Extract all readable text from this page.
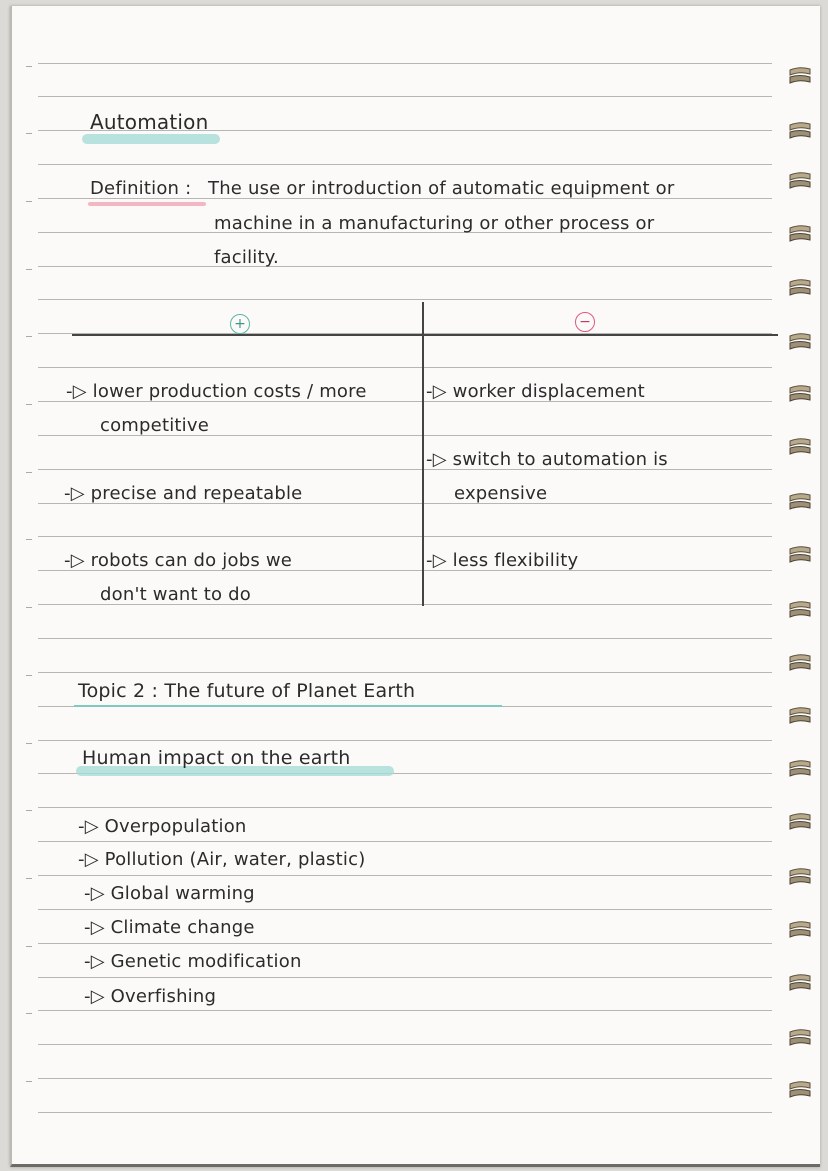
Automation
Definition : The use or introduction of automatic equipment or
machine in a manufacturing or other process or
facility.
+	−
-▷ lower production costs / more
competitive
-▷ precise and repeatable
-▷ robots can do jobs we
don't want to do
-▷ worker displacement
-▷ switch to automation is
expensive
-▷ less flexibility
Topic 2 : The future of Planet Earth
Human impact on the earth
-▷ Overpopulation
-▷ Pollution (Air, water, plastic)
-▷ Global warming
-▷ Climate change
-▷ Genetic modification
-▷ Overfishing
